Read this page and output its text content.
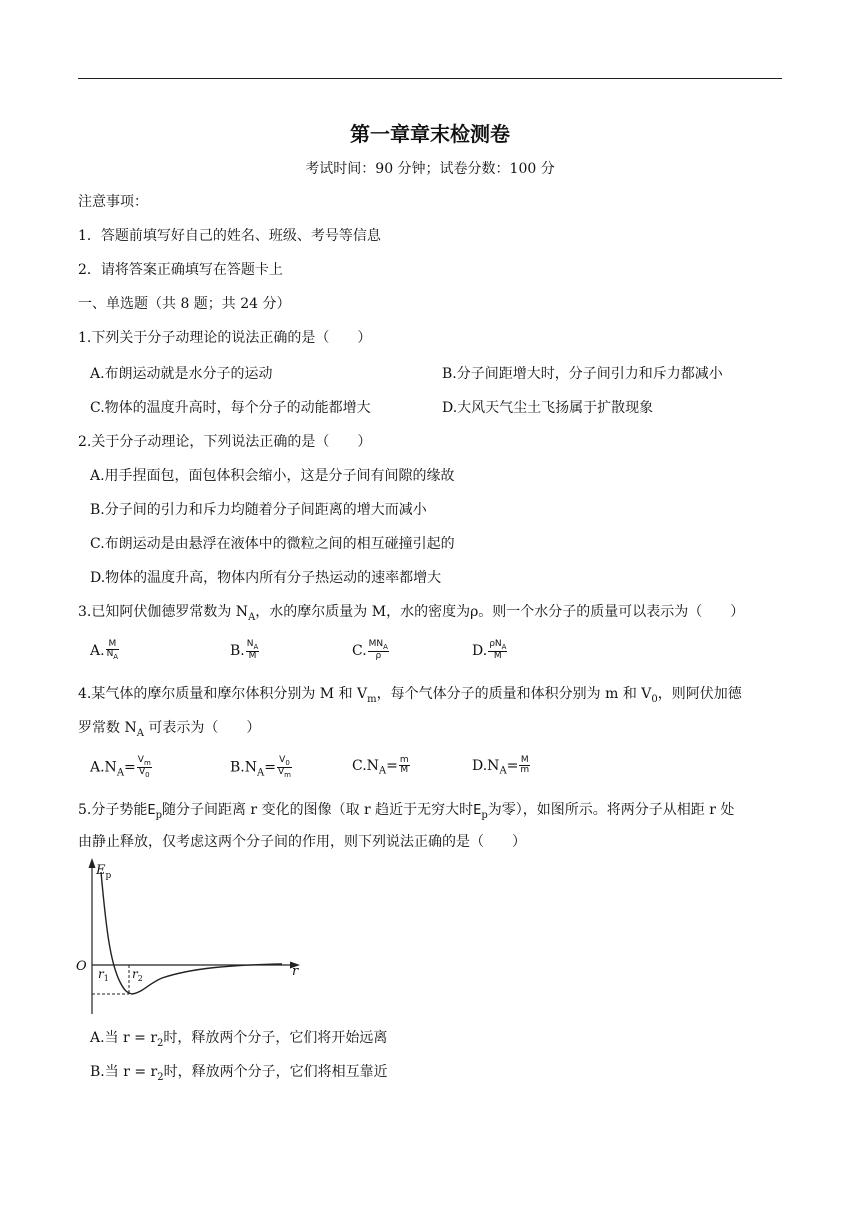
第一章章末检测卷
考试时间：90 分钟；试卷分数：100 分
注意事项：
1．答题前填写好自己的姓名、班级、考号等信息
2．请将答案正确填写在答题卡上
一、单选题（共 8 题；共 24 分）
1.下列关于分子动理论的说法正确的是（　　）
A.布朗运动就是水分子的运动	B.分子间距增大时，分子间引力和斥力都减小
C.物体的温度升高时，每个分子的动能都增大	D.大风天气尘土飞扬属于扩散现象
2.关于分子动理论，下列说法正确的是（　　）
A.用手捏面包，面包体积会缩小，这是分子间有间隙的缘故
B.分子间的引力和斥力均随着分子间距离的增大而减小
C.布朗运动是由悬浮在液体中的微粒之间的相互碰撞引起的
D.物体的温度升高，物体内所有分子热运动的速率都增大
3.已知阿伏伽德罗常数为 $N_A$，水的摩尔质量为 M，水的密度为ρ。则一个水分子的质量可以表示为（　　）
A. $\frac{M}{N_A}$	B. $\frac{N_A}{M}$	C. $\frac{MN_A}{\rho}$	D. $\frac{\rho N_A}{M}$
4.某气体的摩尔质量和摩尔体积分别为 M 和 $V_m$，每个气体分子的质量和体积分别为 m 和 $V_0$，则阿伏加德
罗常数 $N_A$ 可表示为（　　）
$A.N_A= \frac{V_m}{V_0}$	$B.N_A= \frac{V_0}{V_m}$	$C.N_A= \frac{m}{M}$	$D.N_A= \frac{M}{m}$
5.分子势能$E_p$随分子间距离 r 变化的图像（取 r 趋近于无穷大时$E_p$为零），如图所示。将两分子从相距 r 处
由静止释放，仅考虑这两个分子间的作用，则下列说法正确的是（　　）
$E_p$
O	r
$r_1$ $r_2$
A.当 $r = r_2$时，释放两个分子，它们将开始远离
B.当 $r = r_2$时，释放两个分子，它们将相互靠近
